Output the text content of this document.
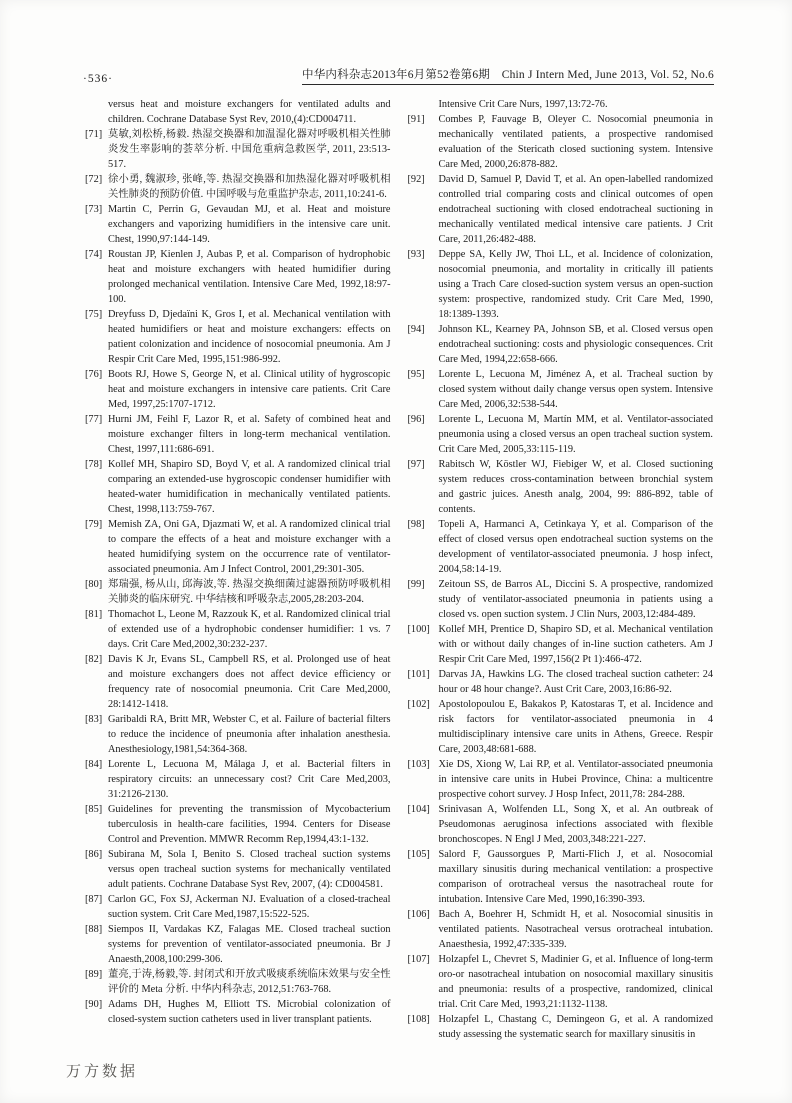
·536·	中华内科杂志2013年6月第52卷第6期　Chin J Intern Med, June 2013, Vol. 52, No.6
versus heat and moisture exchangers for ventilated adults and children. Cochrane Database Syst Rev, 2010,(4):CD004711.
[71] 莫敏,刘松桥,杨毅. 热湿交换器和加温湿化器对呼吸机相关性肺炎发生率影响的荟萃分析. 中国危重病急救医学, 2011, 23:513-517.
[72] 徐小勇, 魏淑珍, 张峰,等. 热湿交换器和加热湿化器对呼吸机相关性肺炎的预防价值. 中国呼吸与危重监护杂志, 2011,10:241-6.
[73] Martin C, Perrin G, Gevaudan MJ, et al. Heat and moisture exchangers and vaporizing humidifiers in the intensive care unit. Chest, 1990,97:144-149.
[74] Roustan JP, Kienlen J, Aubas P, et al. Comparison of hydrophobic heat and moisture exchangers with heated humidifier during prolonged mechanical ventilation. Intensive Care Med, 1992,18:97-100.
[75] Dreyfuss D, Djedaïni K, Gros I, et al. Mechanical ventilation with heated humidifiers or heat and moisture exchangers: effects on patient colonization and incidence of nosocomial pneumonia. Am J Respir Crit Care Med, 1995,151:986-992.
[76] Boots RJ, Howe S, George N, et al. Clinical utility of hygroscopic heat and moisture exchangers in intensive care patients. Crit Care Med, 1997,25:1707-1712.
[77] Hurni JM, Feihl F, Lazor R, et al. Safety of combined heat and moisture exchanger filters in long-term mechanical ventilation. Chest, 1997,111:686-691.
[78] Kollef MH, Shapiro SD, Boyd V, et al. A randomized clinical trial comparing an extended-use hygroscopic condenser humidifier with heated-water humidification in mechanically ventilated patients. Chest, 1998,113:759-767.
[79] Memish ZA, Oni GA, Djazmati W, et al. A randomized clinical trial to compare the effects of a heat and moisture exchanger with a heated humidifying system on the occurrence rate of ventilator-associated pneumonia. Am J Infect Control, 2001,29:301-305.
[80] 郑瑞强, 杨从山, 邱海波,等. 热湿交换细菌过滤器预防呼吸机相关肺炎的临床研究. 中华结核和呼吸杂志,2005,28:203-204.
[81] Thomachot L, Leone M, Razzouk K, et al. Randomized clinical trial of extended use of a hydrophobic condenser humidifier: 1 vs. 7 days. Crit Care Med,2002,30:232-237.
[82] Davis K Jr, Evans SL, Campbell RS, et al. Prolonged use of heat and moisture exchangers does not affect device efficiency or frequency rate of nosocomial pneumonia. Crit Care Med,2000, 28:1412-1418.
[83] Garibaldi RA, Britt MR, Webster C, et al. Failure of bacterial filters to reduce the incidence of pneumonia after inhalation anesthesia. Anesthesiology,1981,54:364-368.
[84] Lorente L, Lecuona M, Málaga J, et al. Bacterial filters in respiratory circuits: an unnecessary cost? Crit Care Med,2003, 31:2126-2130.
[85] Guidelines for preventing the transmission of Mycobacterium tuberculosis in health-care facilities, 1994. Centers for Disease Control and Prevention. MMWR Recomm Rep,1994,43:1-132.
[86] Subirana M, Sola I, Benito S. Closed tracheal suction systems versus open tracheal suction systems for mechanically ventilated adult patients. Cochrane Database Syst Rev, 2007, (4): CD004581.
[87] Carlon GC, Fox SJ, Ackerman NJ. Evaluation of a closed-tracheal suction system. Crit Care Med,1987,15:522-525.
[88] Siempos II, Vardakas KZ, Falagas ME. Closed tracheal suction systems for prevention of ventilator-associated pneumonia. Br J Anaesth,2008,100:299-306.
[89] 董亮,于涛,杨毅,等. 封闭式和开放式吸痰系统临床效果与安全性评价的 Meta 分析. 中华内科杂志, 2012,51:763-768.
[90] Adams DH, Hughes M, Elliott TS. Microbial colonization of closed-system suction catheters used in liver transplant patients.
Intensive Crit Care Nurs, 1997,13:72-76.
[91] Combes P, Fauvage B, Oleyer C. Nosocomial pneumonia in mechanically ventilated patients, a prospective randomised evaluation of the Stericath closed suctioning system. Intensive Care Med, 2000,26:878-882.
[92] David D, Samuel P, David T, et al. An open-labelled randomized controlled trial comparing costs and clinical outcomes of open endotracheal suctioning with closed endotracheal suctioning in mechanically ventilated medical intensive care patients. J Crit Care, 2011,26:482-488.
[93] Deppe SA, Kelly JW, Thoi LL, et al. Incidence of colonization, nosocomial pneumonia, and mortality in critically ill patients using a Trach Care closed-suction system versus an open-suction system: prospective, randomized study. Crit Care Med, 1990, 18:1389-1393.
[94] Johnson KL, Kearney PA, Johnson SB, et al. Closed versus open endotracheal suctioning: costs and physiologic consequences. Crit Care Med, 1994,22:658-666.
[95] Lorente L, Lecuona M, Jiménez A, et al. Tracheal suction by closed system without daily change versus open system. Intensive Care Med, 2006,32:538-544.
[96] Lorente L, Lecuona M, Martín MM, et al. Ventilator-associated pneumonia using a closed versus an open tracheal suction system. Crit Care Med, 2005,33:115-119.
[97] Rabitsch W, Köstler WJ, Fiebiger W, et al. Closed suctioning system reduces cross-contamination between bronchial system and gastric juices. Anesth analg, 2004, 99: 886-892, table of contents.
[98] Topeli A, Harmanci A, Cetinkaya Y, et al. Comparison of the effect of closed versus open endotracheal suction systems on the development of ventilator-associated pneumonia. J hosp infect, 2004,58:14-19.
[99] Zeitoun SS, de Barros AL, Diccini S. A prospective, randomized study of ventilator-associated pneumonia in patients using a closed vs. open suction system. J Clin Nurs, 2003,12:484-489.
[100] Kollef MH, Prentice D, Shapiro SD, et al. Mechanical ventilation with or without daily changes of in-line suction catheters. Am J Respir Crit Care Med, 1997,156(2 Pt 1):466-472.
[101] Darvas JA, Hawkins LG. The closed tracheal suction catheter: 24 hour or 48 hour change?. Aust Crit Care, 2003,16:86-92.
[102] Apostolopoulou E, Bakakos P, Katostaras T, et al. Incidence and risk factors for ventilator-associated pneumonia in 4 multidisciplinary intensive care units in Athens, Greece. Respir Care, 2003,48:681-688.
[103] Xie DS, Xiong W, Lai RP, et al. Ventilator-associated pneumonia in intensive care units in Hubei Province, China: a multicentre prospective cohort survey. J Hosp Infect, 2011,78: 284-288.
[104] Srinivasan A, Wolfenden LL, Song X, et al. An outbreak of Pseudomonas aeruginosa infections associated with flexible bronchoscopes. N Engl J Med, 2003,348:221-227.
[105] Salord F, Gaussorgues P, Marti-Flich J, et al. Nosocomial maxillary sinusitis during mechanical ventilation: a prospective comparison of orotracheal versus the nasotracheal route for intubation. Intensive Care Med, 1990,16:390-393.
[106] Bach A, Boehrer H, Schmidt H, et al. Nosocomial sinusitis in ventilated patients. Nasotracheal versus orotracheal intubation. Anaesthesia, 1992,47:335-339.
[107] Holzapfel L, Chevret S, Madinier G, et al. Influence of long-term oro-or nasotracheal intubation on nosocomial maxillary sinusitis and pneumonia: results of a prospective, randomized, clinical trial. Crit Care Med, 1993,21:1132-1138.
[108] Holzapfel L, Chastang C, Demingeon G, et al. A randomized study assessing the systematic search for maxillary sinusitis in
万方数据
